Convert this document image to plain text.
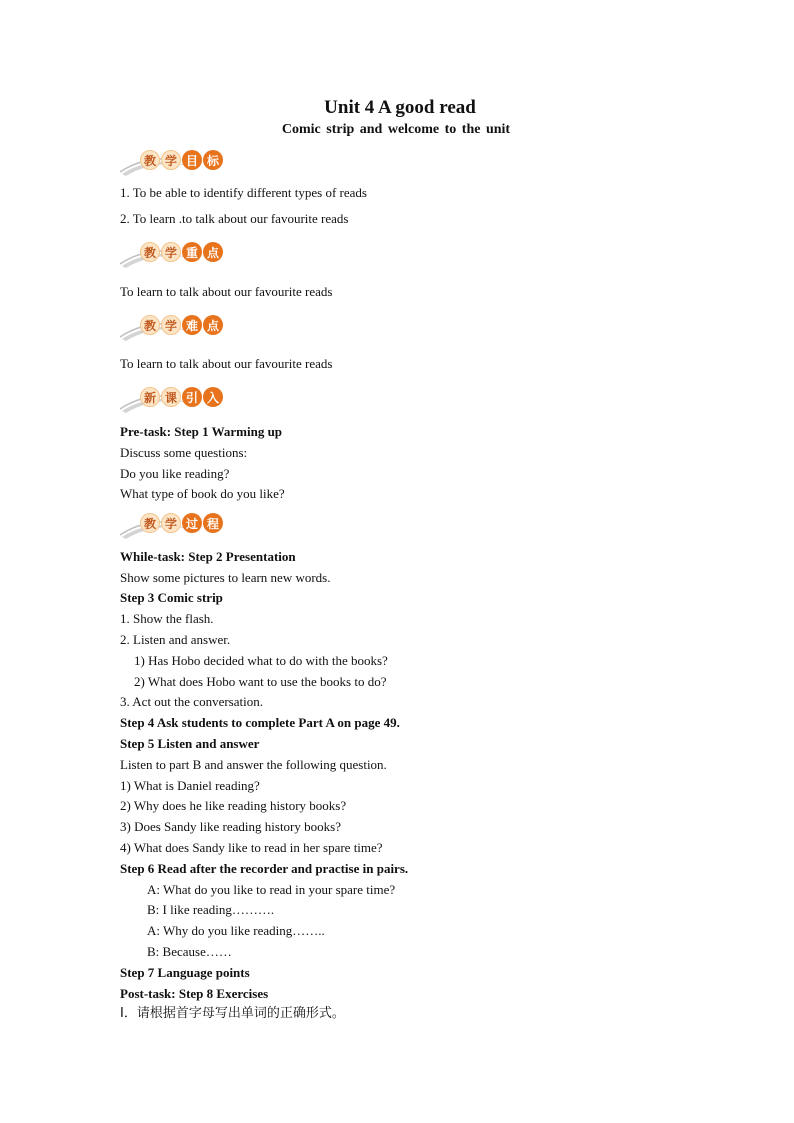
Unit 4 A good read
Comic strip and welcome to the unit
教 学 目 标
1. To be able to identify different types of reads
2. To learn .to talk about our favourite reads
教 学 重 点
To learn to talk about our favourite reads
教 学 难 点
To learn to talk about our favourite reads
新 课 引 入
Pre-task: Step 1 Warming up
Discuss some questions:
Do you like reading?
What type of book do you like?
教 学 过 程
While-task: Step 2 Presentation
Show some pictures to learn new words.
Step 3 Comic strip
1. Show the flash.
2. Listen and answer.
1) Has Hobo decided what to do with the books?
2) What does Hobo want to use the books to do?
3. Act out the conversation.
Step 4 Ask students to complete Part A on page 49.
Step 5 Listen and answer
Listen to part B and answer the following question.
1) What is Daniel reading?
2) Why does he like reading history books?
3) Does Sandy like reading history books?
4) What does Sandy like to read in her spare time?
Step 6 Read after the recorder and practise in pairs.
A: What do you like to read in your spare time?
B: I like reading……….
A: Why do you like reading……..
B: Because……
Step 7 Language points
Post-task: Step 8 Exercises
I．请根据首字母写出单词的正确形式。
